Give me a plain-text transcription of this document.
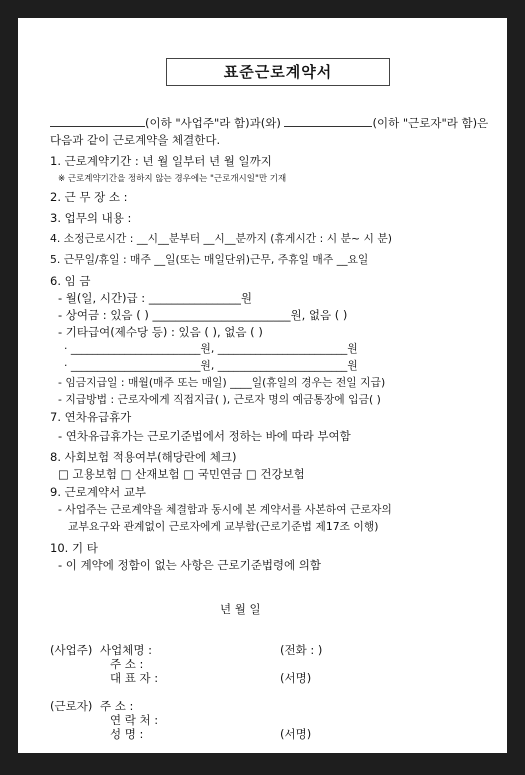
표준근로계약서
(이하 "사업주"라 함)과(와)	(이하 "근로자"라 함)은
다음과 같이 근로계약을 체결한다.
1. 근로계약기간 : 년 월 일부터 년 월 일까지
※ 근로계약기간을 정하지 않는 경우에는 "근로개시일"만 기재
2. 근 무 장 소 :
3. 업무의 내용 :
4. 소정근로시간 : __시__분부터 __시__분까지 (휴게시간 : 시 분~ 시 분)
5. 근무일/휴일 : 매주 __일(또는 매일단위)근무, 주휴일 매주 __요일
6. 임 금
- 월(일, 시간)급 : ________________원
- 상여금 : 있음 ( ) ________________________원, 없음 ( )
- 기타급여(제수당 등) : 있음 ( ), 없음 ( )
· ________________________원, ________________________원
· ________________________원, ________________________원
- 임금지급일 : 매월(매주 또는 매일) ____일(휴일의 경우는 전일 지급)
- 지급방법 : 근로자에게 직접지급( ), 근로자 명의 예금통장에 입금( )
7. 연차유급휴가
- 연차유급휴가는 근로기준법에서 정하는 바에 따라 부여함
8. 사회보험 적용여부(해당란에 체크)
□ 고용보험 □ 산재보험 □ 국민연금 □ 건강보험
9. 근로계약서 교부
- 사업주는 근로계약을 체결함과 동시에 본 계약서를 사본하여 근로자의
교부요구와 관계없이 근로자에게 교부함(근로기준법 제17조 이행)
10. 기 타
- 이 계약에 정함이 없는 사항은 근로기준법령에 의함
년 월 일
(사업주) 사업체명 :	(전화 : )
주 소 :
대 표 자 :	(서명)
(근로자) 주 소 :
연 락 처 :
성 명 :	(서명)
